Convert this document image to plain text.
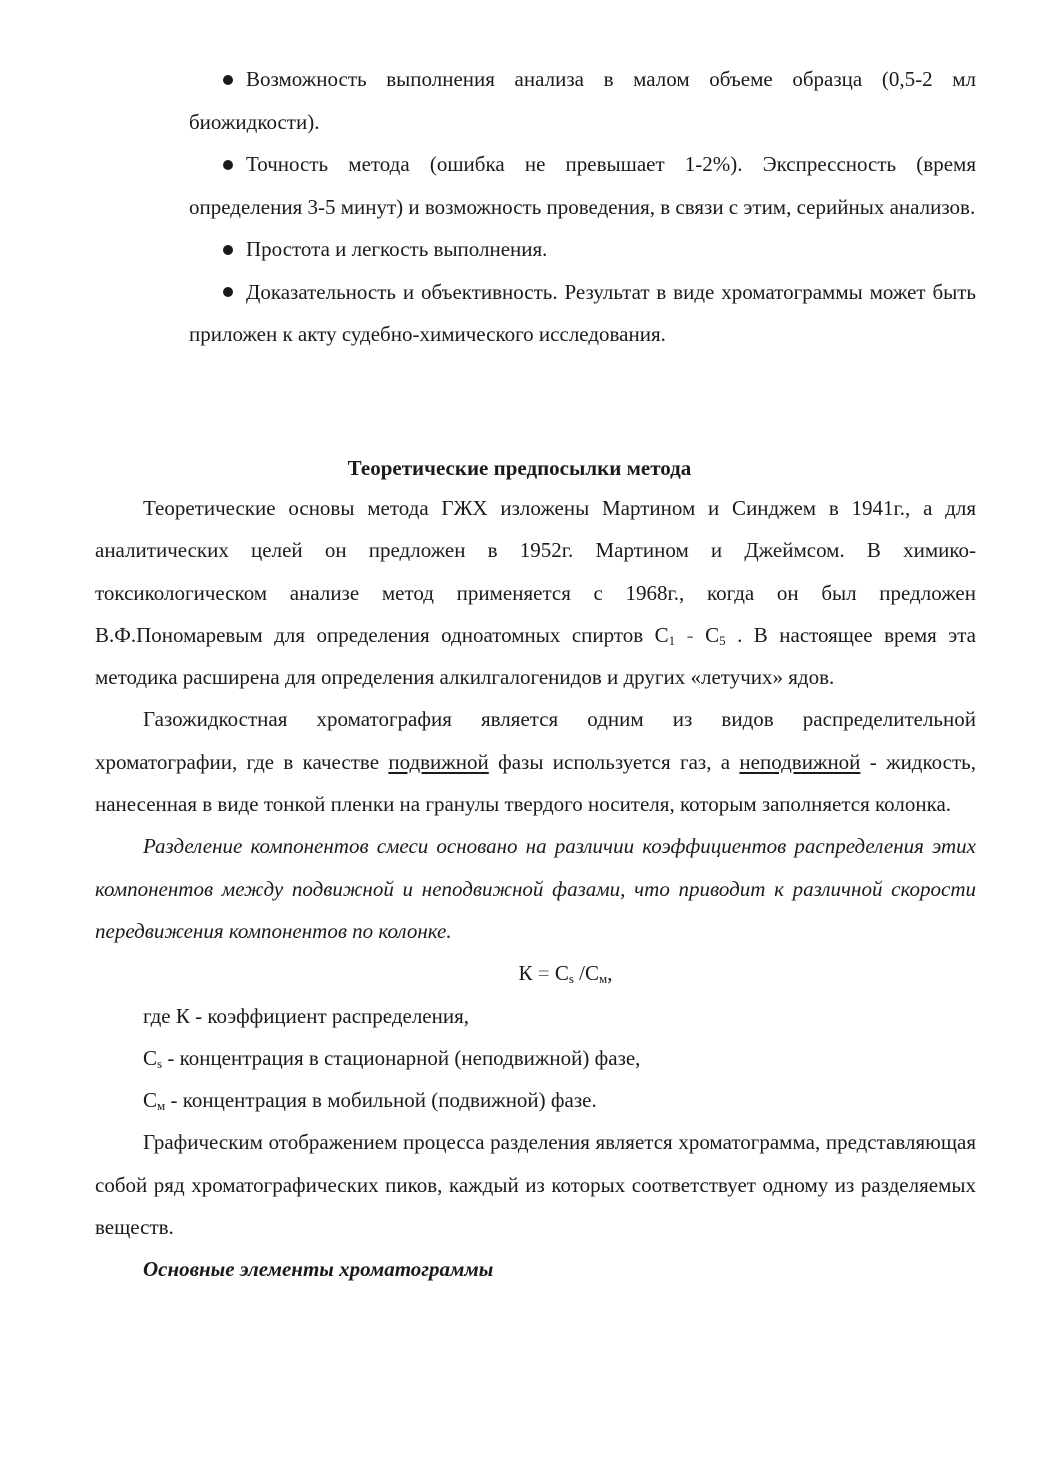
Возможность выполнения анализа в малом объеме образца (0,5-2 мл биожидкости).
Точность метода (ошибка не превышает 1-2%). Экспрессность (время определения 3-5 минут) и возможность проведения, в связи с этим, серийных анализов.
Простота и легкость выполнения.
Доказательность и объективность. Результат в виде хроматограммы может быть приложен к акту судебно-химического исследования.
Теоретические предпосылки метода

Теоретические основы метода ГЖХ изложены Мартином и Синджем в 1941г., а для аналитических целей он предложен в 1952г. Мартином и Джеймсом. В химико-токсикологическом анализе метод применяется с 1968г., когда он был предложен В.Ф.Пономаревым для определения одноатомных спиртов $С_1 - С_5$ . В настоящее время эта методика расширена для определения алкилгалогенидов и других «летучих» ядов.

Газожидкостная хроматография является одним из видов распределительной хроматографии, где в качестве подвижной фазы используется газ, а неподвижной - жидкость, нанесенная в виде тонкой пленки на гранулы твердого носителя, которым заполняется колонка.

Разделение компонентов смеси основано на различии коэффициентов распределения этих компонентов между подвижной и неподвижной фазами, что приводит к различной скорости передвижения компонентов по колонке.

$К = С_s$ $/С_м$,

где К - коэффициент распределения,

$С_s$ - концентрация в стационарной (неподвижной) фазе,

$С_м$ - концентрация в мобильной (подвижной) фазе.

Графическим отображением процесса разделения является хроматограмма, представляющая собой ряд хроматографических пиков, каждый из которых соответствует одному из разделяемых веществ.

Основные элементы хроматограммы
